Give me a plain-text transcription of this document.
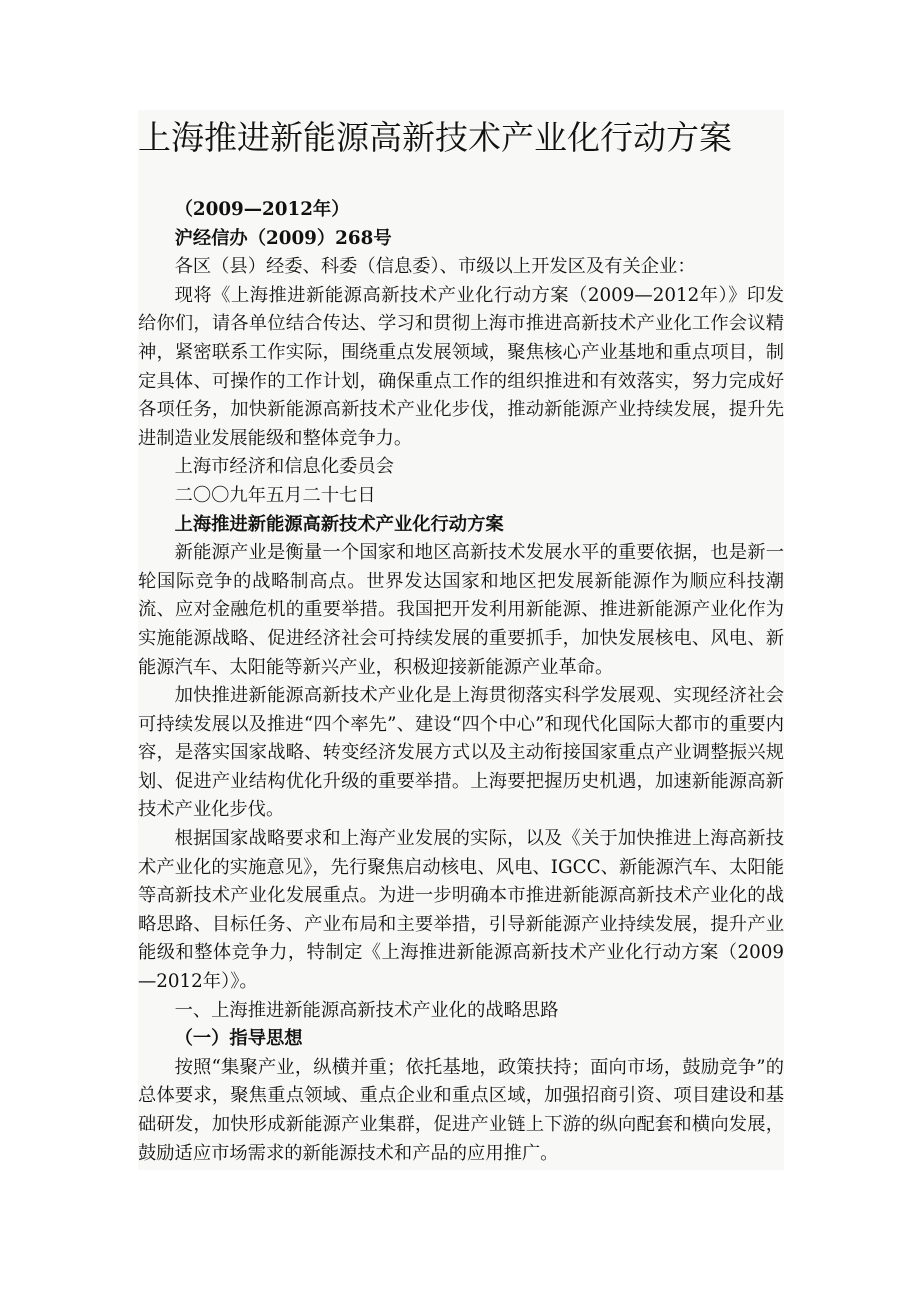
上海推进新能源高新技术产业化行动方案

（2009—2012年）

沪经信办（2009）268号

各区（县）经委、科委（信息委）、市级以上开发区及有关企业：

现将《上海推进新能源高新技术产业化行动方案（2009—2012年）》印发给你们，请各单位结合传达、学习和贯彻上海市推进高新技术产业化工作会议精神，紧密联系工作实际，围绕重点发展领域，聚焦核心产业基地和重点项目，制定具体、可操作的工作计划，确保重点工作的组织推进和有效落实，努力完成好各项任务，加快新能源高新技术产业化步伐，推动新能源产业持续发展，提升先进制造业发展能级和整体竞争力。

上海市经济和信息化委员会

二〇〇九年五月二十七日

上海推进新能源高新技术产业化行动方案

新能源产业是衡量一个国家和地区高新技术发展水平的重要依据，也是新一轮国际竞争的战略制高点。世界发达国家和地区把发展新能源作为顺应科技潮流、应对金融危机的重要举措。我国把开发利用新能源、推进新能源产业化作为实施能源战略、促进经济社会可持续发展的重要抓手，加快发展核电、风电、新能源汽车、太阳能等新兴产业，积极迎接新能源产业革命。

加快推进新能源高新技术产业化是上海贯彻落实科学发展观、实现经济社会可持续发展以及推进“四个率先”、建设“四个中心”和现代化国际大都市的重要内容，是落实国家战略、转变经济发展方式以及主动衔接国家重点产业调整振兴规划、促进产业结构优化升级的重要举措。上海要把握历史机遇，加速新能源高新技术产业化步伐。

根据国家战略要求和上海产业发展的实际，以及《关于加快推进上海高新技术产业化的实施意见》，先行聚焦启动核电、风电、IGCC、新能源汽车、太阳能等高新技术产业化发展重点。为进一步明确本市推进新能源高新技术产业化的战略思路、目标任务、产业布局和主要举措，引导新能源产业持续发展，提升产业能级和整体竞争力，特制定《上海推进新能源高新技术产业化行动方案（2009—2012年）》。

一、上海推进新能源高新技术产业化的战略思路

（一）指导思想

按照“集聚产业，纵横并重；依托基地，政策扶持；面向市场，鼓励竞争”的总体要求，聚焦重点领域、重点企业和重点区域，加强招商引资、项目建设和基础研发，加快形成新能源产业集群，促进产业链上下游的纵向配套和横向发展，鼓励适应市场需求的新能源技术和产品的应用推广。
